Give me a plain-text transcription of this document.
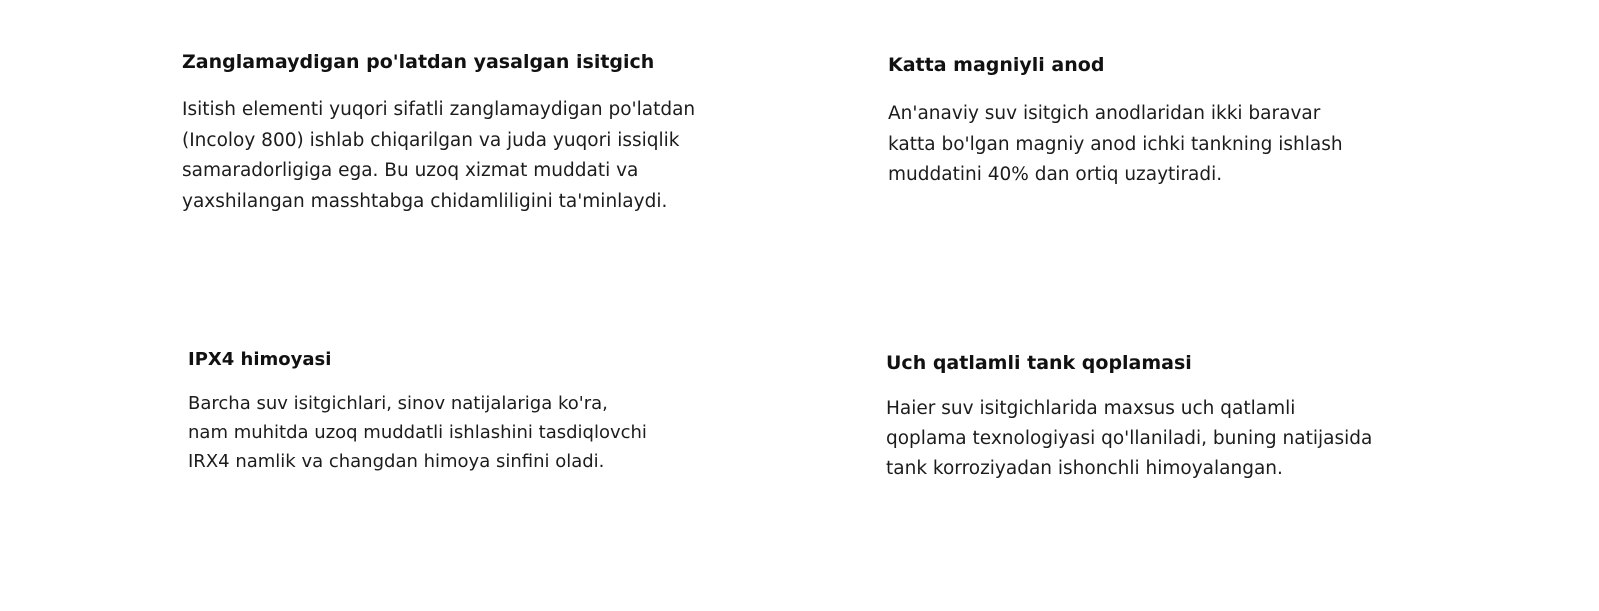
Zanglamaydigan po'latdan yasalgan isitgich

Isitish elementi yuqori sifatli zanglamaydigan po'latdan
(Incoloy 800) ishlab chiqarilgan va juda yuqori issiqlik
samaradorligiga ega. Bu uzoq xizmat muddati va
yaxshilangan masshtabga chidamliligini ta'minlaydi.

Katta magniyli anod

An'anaviy suv isitgich anodlaridan ikki baravar
katta bo'lgan magniy anod ichki tankning ishlash
muddatini 40% dan ortiq uzaytiradi.

IPX4 himoyasi

Barcha suv isitgichlari, sinov natijalariga ko'ra,
nam muhitda uzoq muddatli ishlashini tasdiqlovchi
IRX4 namlik va changdan himoya sinfini oladi.

Uch qatlamli tank qoplamasi

Haier suv isitgichlarida maxsus uch qatlamli
qoplama texnologiyasi qo'llaniladi, buning natijasida
tank korroziyadan ishonchli himoyalangan.
